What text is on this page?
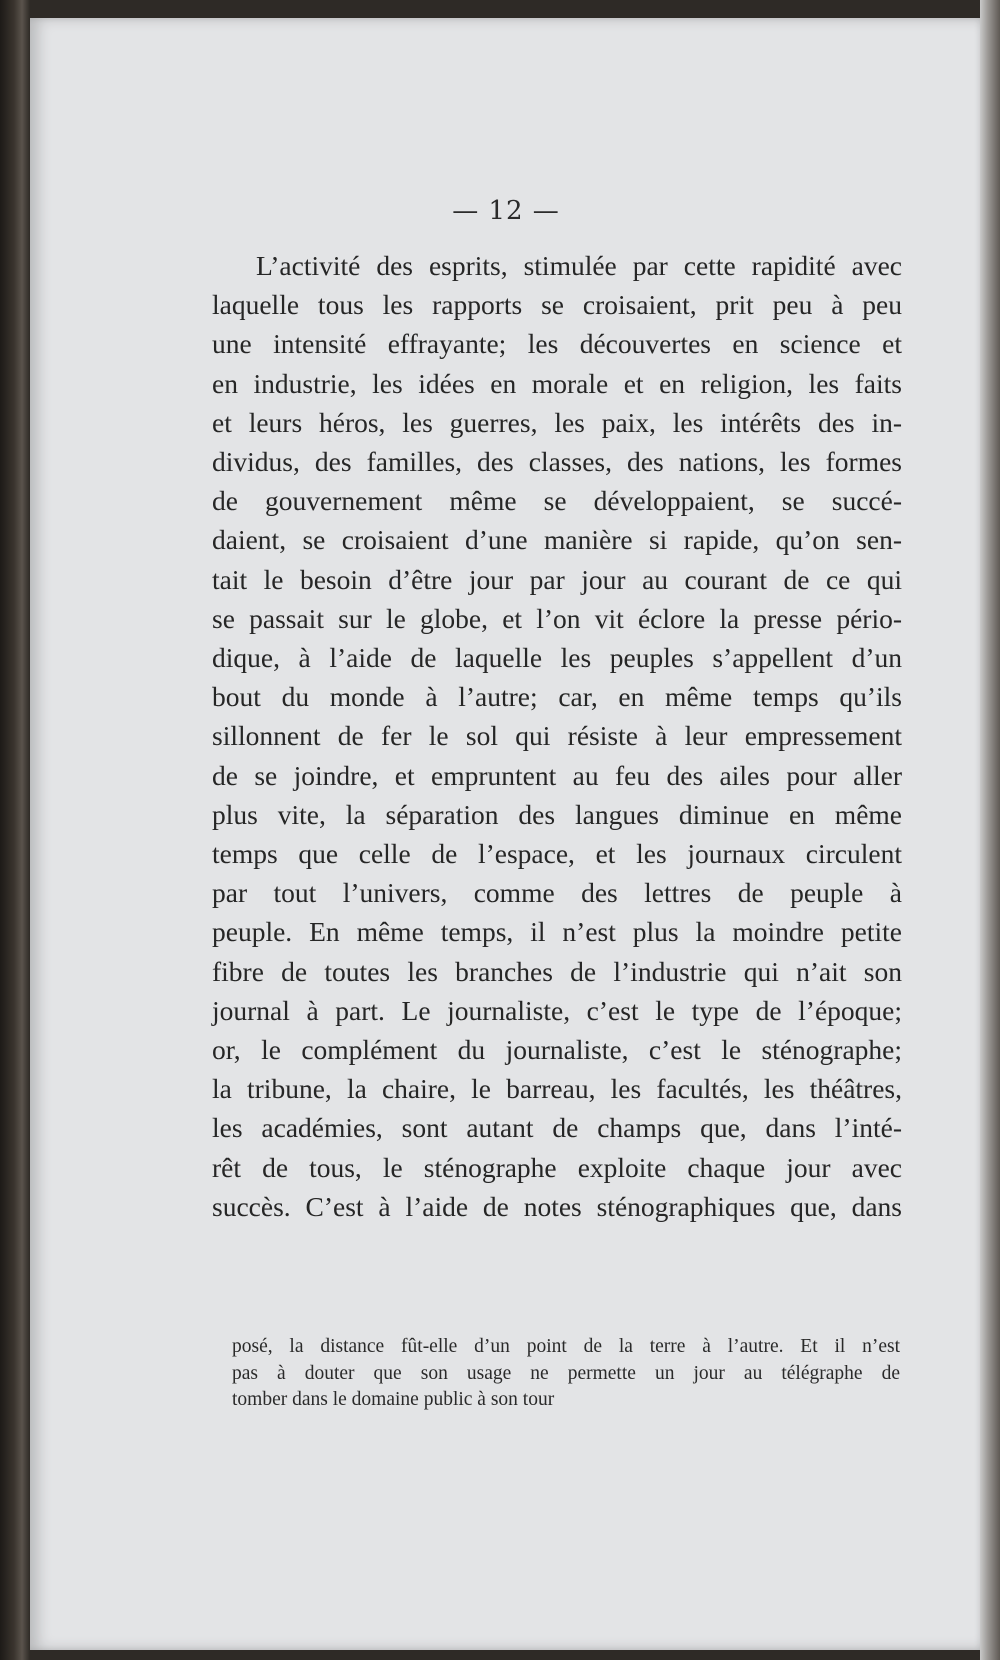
— 12 —
L’activité des esprits, stimulée par cette rapidité avec
laquelle tous les rapports se croisaient, prit peu à peu
une intensité effrayante; les découvertes en science et
en industrie, les idées en morale et en religion, les faits
et leurs héros, les guerres, les paix, les intérêts des in-
dividus, des familles, des classes, des nations, les formes
de gouvernement même se développaient, se succé-
daient, se croisaient d’une manière si rapide, qu’on sen-
tait le besoin d’être jour par jour au courant de ce qui
se passait sur le globe, et l’on vit éclore la presse pério-
dique, à l’aide de laquelle les peuples s’appellent d’un
bout du monde à l’autre; car, en même temps qu’ils
sillonnent de fer le sol qui résiste à leur empressement
de se joindre, et empruntent au feu des ailes pour aller
plus vite, la séparation des langues diminue en même
temps que celle de l’espace, et les journaux circulent
par tout l’univers, comme des lettres de peuple à
peuple. En même temps, il n’est plus la moindre petite
fibre de toutes les branches de l’industrie qui n’ait son
journal à part. Le journaliste, c’est le type de l’époque;
or, le complément du journaliste, c’est le sténographe;
la tribune, la chaire, le barreau, les facultés, les théâtres,
les académies, sont autant de champs que, dans l’inté-
rêt de tous, le sténographe exploite chaque jour avec
succès. C’est à l’aide de notes sténographiques que, dans
posé, la distance fût-elle d’un point de la terre à l’autre. Et il n’est
pas à douter que son usage ne permette un jour au télégraphe de
tomber dans le domaine public à son tour
